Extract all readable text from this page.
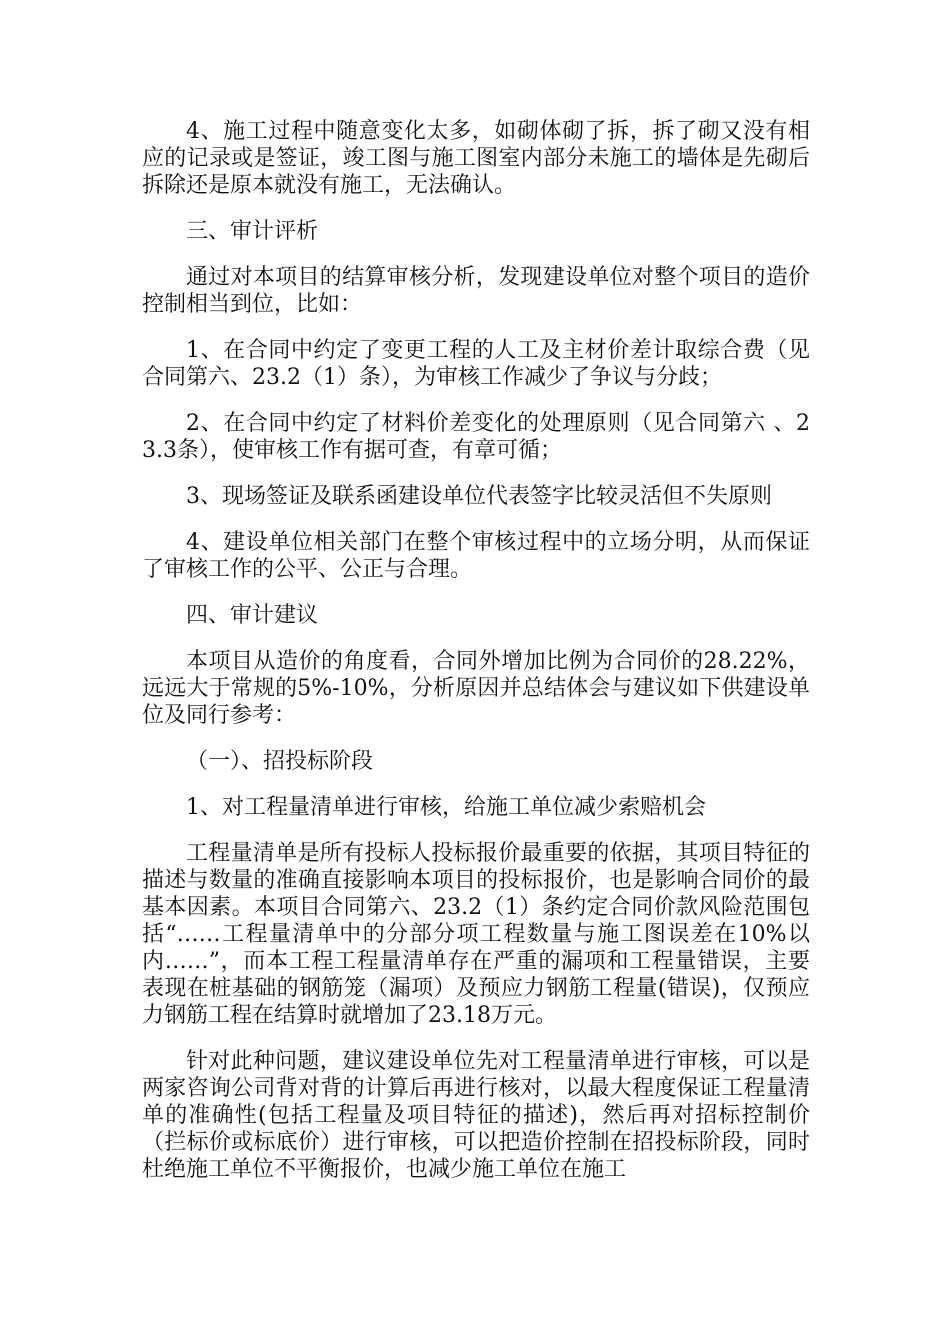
4、施工过程中随意变化太多，如砌体砌了拆，拆了砌又没有相应的记录或是签证，竣工图与施工图室内部分未施工的墙体是先砌后拆除还是原本就没有施工，无法确认。

三、审计评析

通过对本项目的结算审核分析，发现建设单位对整个项目的造价控制相当到位，比如：

1、在合同中约定了变更工程的人工及主材价差计取综合费（见合同第六、23.2（1）条），为审核工作减少了争议与分歧；

2、在合同中约定了材料价差变化的处理原则（见合同第六 、23.3条），使审核工作有据可查，有章可循；

3、现场签证及联系函建设单位代表签字比较灵活但不失原则

4、建设单位相关部门在整个审核过程中的立场分明，从而保证了审核工作的公平、公正与合理。

四、审计建议

本项目从造价的角度看，合同外增加比例为合同价的28.22%，远远大于常规的5%-10%，分析原因并总结体会与建议如下供建设单位及同行参考：

（一）、招投标阶段

1、对工程量清单进行审核，给施工单位减少索赔机会

工程量清单是所有投标人投标报价最重要的依据，其项目特征的描述与数量的准确直接影响本项目的投标报价，也是影响合同价的最基本因素。本项目合同第六、23.2（1）条约定合同价款风险范围包括“……工程量清单中的分部分项工程数量与施工图误差在10%以内……”，而本工程工程量清单存在严重的漏项和工程量错误，主要表现在桩基础的钢筋笼（漏项）及预应力钢筋工程量(错误)，仅预应力钢筋工程在结算时就增加了23.18万元。

针对此种问题，建议建设单位先对工程量清单进行审核，可以是两家咨询公司背对背的计算后再进行核对，以最大程度保证工程量清单的准确性(包括工程量及项目特征的描述)，然后再对招标控制价（拦标价或标底价）进行审核，可以把造价控制在招投标阶段，同时杜绝施工单位不平衡报价，也减少施工单位在施工
